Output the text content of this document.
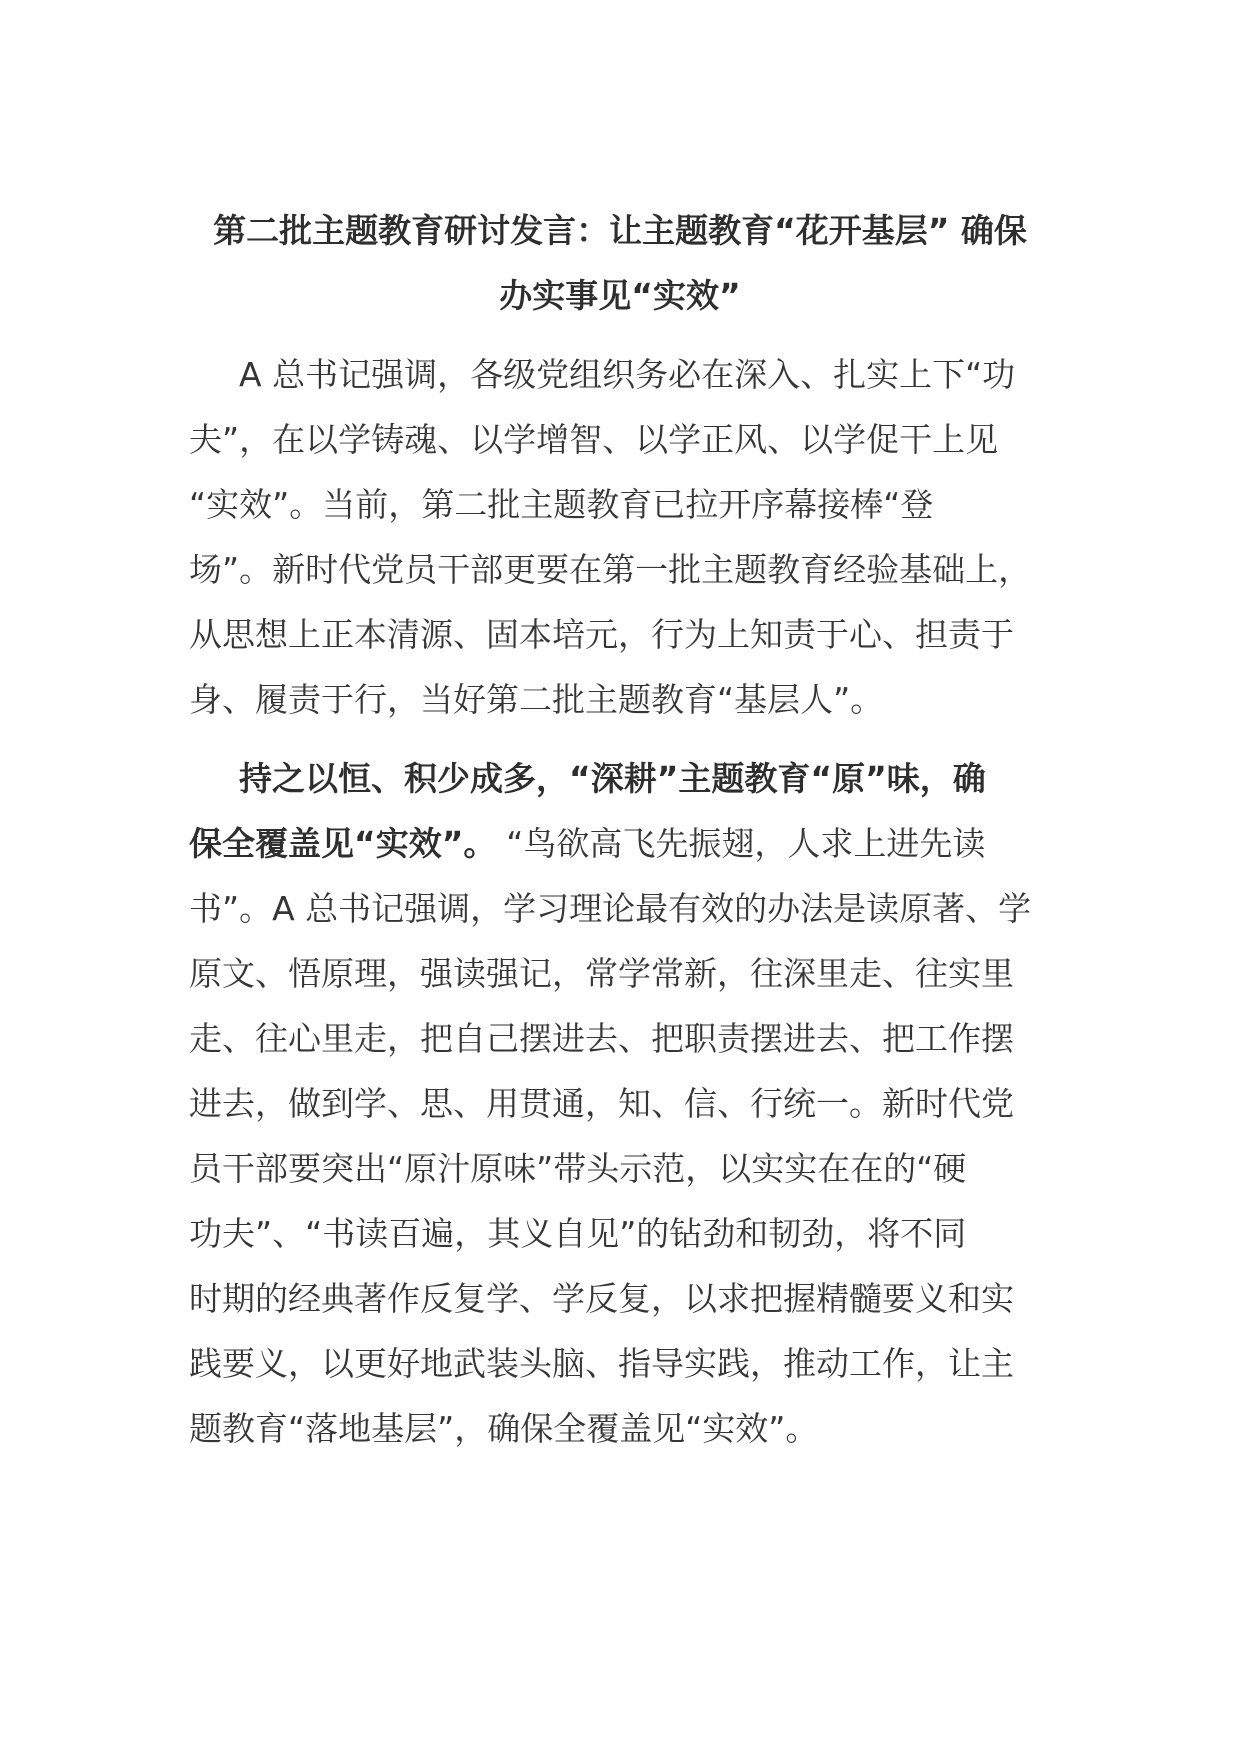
第二批主题教育研讨发言：让主题教育“花开基层” 确保
办实事见“实效”
A 总书记强调，各级党组织务必在深入、扎实上下“功
夫”，在以学铸魂、以学增智、以学正风、以学促干上见
“实效”。当前，第二批主题教育已拉开序幕接棒“登
场”。新时代党员干部更要在第一批主题教育经验基础上，
从思想上正本清源、固本培元，行为上知责于心、担责于
身、履责于行，当好第二批主题教育“基层人”。
持之以恒、积少成多，“深耕”主题教育“原”味，确
保全覆盖见“实效”。 “鸟欲高飞先振翅，人求上进先读
书”。A 总书记强调，学习理论最有效的办法是读原著、学
原文、悟原理，强读强记，常学常新，往深里走、往实里
走、往心里走，把自己摆进去、把职责摆进去、把工作摆
进去，做到学、思、用贯通，知、信、行统一。新时代党
员干部要突出“原汁原味”带头示范，以实实在在的“硬
功夫”、“书读百遍，其义自见”的钻劲和韧劲，将不同
时期的经典著作反复学、学反复，以求把握精髓要义和实
践要义，以更好地武装头脑、指导实践，推动工作，让主
题教育“落地基层”，确保全覆盖见“实效”。
